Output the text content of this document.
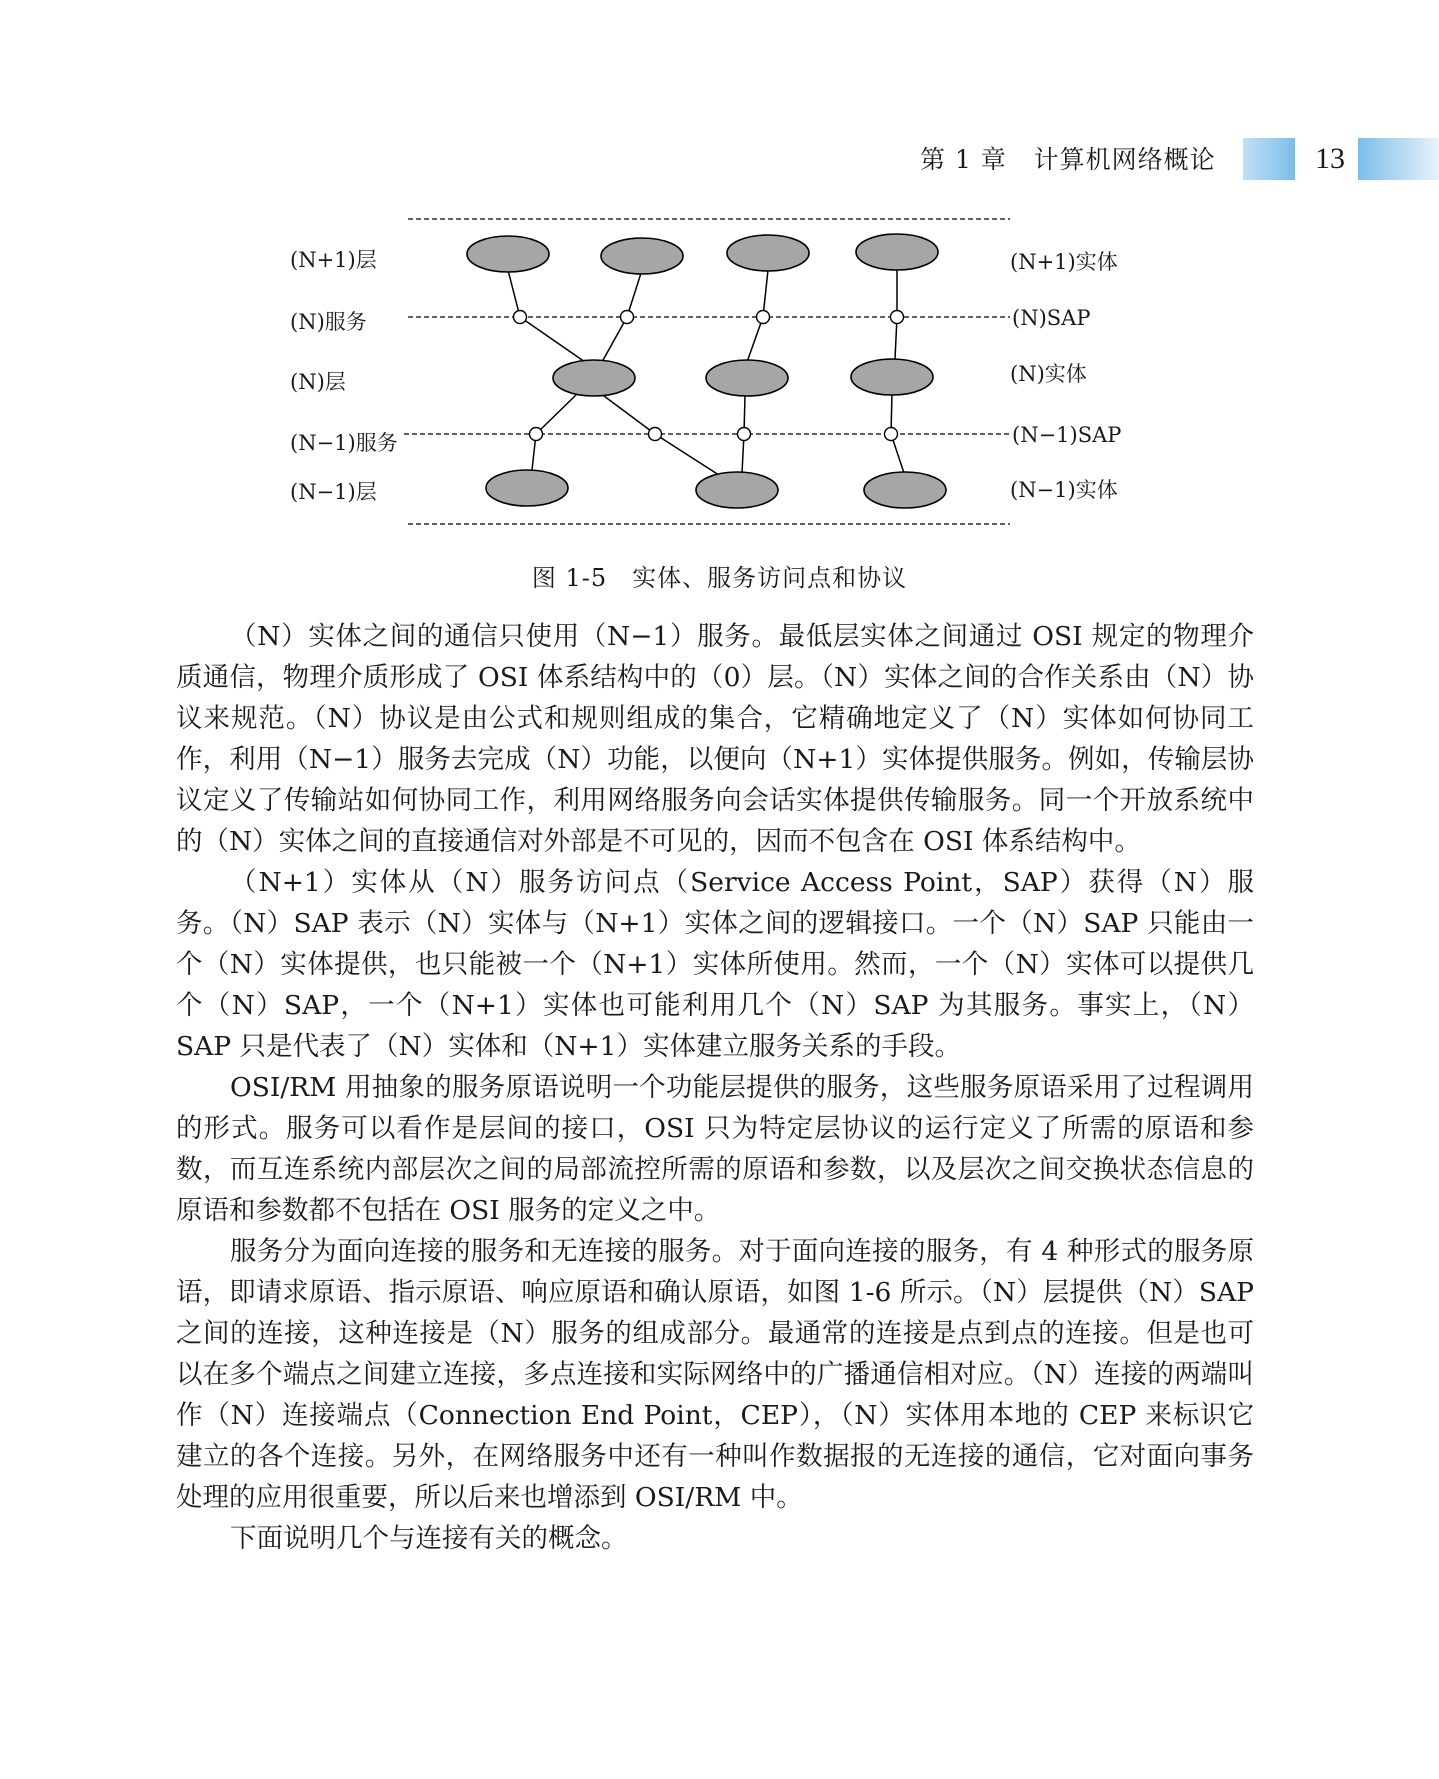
第 1 章 计算机网络概论	13
(N+1)层
(N)服务
(N)层
(N−1)服务
(N−1)层
(N+1)实体
(N)SAP
(N)实体
(N−1)SAP
(N−1)实体
图 1-5　实体、服务访问点和协议

（N）实体之间的通信只使用（N−1）服务。最低层实体之间通过 OSI 规定的物理介质通信，物理介质形成了 OSI 体系结构中的（0）层。（N）实体之间的合作关系由（N）协议来规范。（N）协议是由公式和规则组成的集合，它精确地定义了（N）实体如何协同工作，利用（N−1）服务去完成（N）功能，以便向（N+1）实体提供服务。例如，传输层协议定义了传输站如何协同工作，利用网络服务向会话实体提供传输服务。同一个开放系统中的（N）实体之间的直接通信对外部是不可见的，因而不包含在 OSI 体系结构中。

（N+1）实体从（N）服务访问点（Service Access Point，SAP）获得（N）服务。（N）SAP 表示（N）实体与（N+1）实体之间的逻辑接口。一个（N）SAP 只能由一个（N）实体提供，也只能被一个（N+1）实体所使用。然而，一个（N）实体可以提供几个（N）SAP，一个（N+1）实体也可能利用几个（N）SAP 为其服务。事实上，（N）SAP 只是代表了（N）实体和（N+1）实体建立服务关系的手段。

OSI/RM 用抽象的服务原语说明一个功能层提供的服务，这些服务原语采用了过程调用的形式。服务可以看作是层间的接口，OSI 只为特定层协议的运行定义了所需的原语和参数，而互连系统内部层次之间的局部流控所需的原语和参数，以及层次之间交换状态信息的原语和参数都不包括在 OSI 服务的定义之中。

服务分为面向连接的服务和无连接的服务。对于面向连接的服务，有 4 种形式的服务原语，即请求原语、指示原语、响应原语和确认原语，如图 1-6 所示。（N）层提供（N）SAP 之间的连接，这种连接是（N）服务的组成部分。最通常的连接是点到点的连接。但是也可以在多个端点之间建立连接，多点连接和实际网络中的广播通信相对应。（N）连接的两端叫作（N）连接端点（Connection End Point，CEP），（N）实体用本地的 CEP 来标识它建立的各个连接。另外，在网络服务中还有一种叫作数据报的无连接的通信，它对面向事务处理的应用很重要，所以后来也增添到 OSI/RM 中。

下面说明几个与连接有关的概念。
